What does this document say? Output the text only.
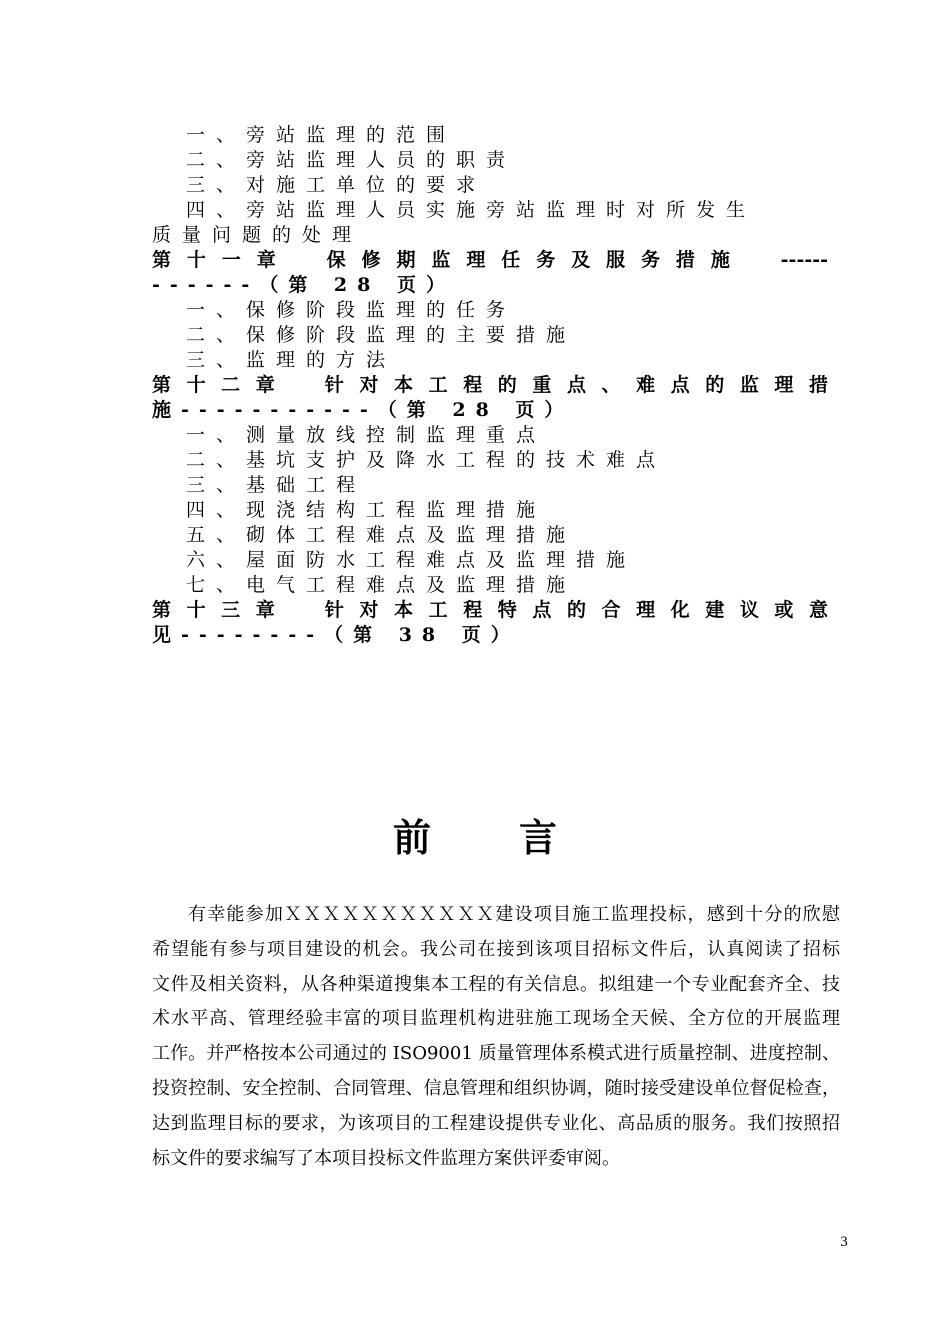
一、旁站监理的范围
二、旁站监理人员的职责
三、对施工单位的要求
四、旁站监理人员实施旁站监理时对所发生
质量问题的处理
第十一章　保修期监理任务及服务措施　------
------（第 28 页）
一、保修阶段监理的任务
二、保修阶段监理的主要措施
三、监理的方法
第十二章　针对本工程的重点、难点的监理措
施-----------（第 28 页）
一、测量放线控制监理重点
二、基坑支护及降水工程的技术难点
三、基础工程
四、现浇结构工程监理措施
五、砌体工程难点及监理措施
六、屋面防水工程难点及监理措施
七、电气工程难点及监理措施
第十三章　针对本工程特点的合理化建议或意
见--------（第 38 页）
前言
有幸能参加ＸＸＸＸＸＸＸＸＸＸＸ建设项目施工监理投标，感到十分的欣慰
希望能有参与项目建设的机会。我公司在接到该项目招标文件后，认真阅读了招标
文件及相关资料，从各种渠道搜集本工程的有关信息。拟组建一个专业配套齐全、技
术水平高、管理经验丰富的项目监理机构进驻施工现场全天候、全方位的开展监理
工作。并严格按本公司通过的 ISO9001 质量管理体系模式进行质量控制、进度控制、
投资控制、安全控制、合同管理、信息管理和组织协调，随时接受建设单位督促检查，
达到监理目标的要求，为该项目的工程建设提供专业化、高品质的服务。我们按照招
标文件的要求编写了本项目投标文件监理方案供评委审阅。
3
